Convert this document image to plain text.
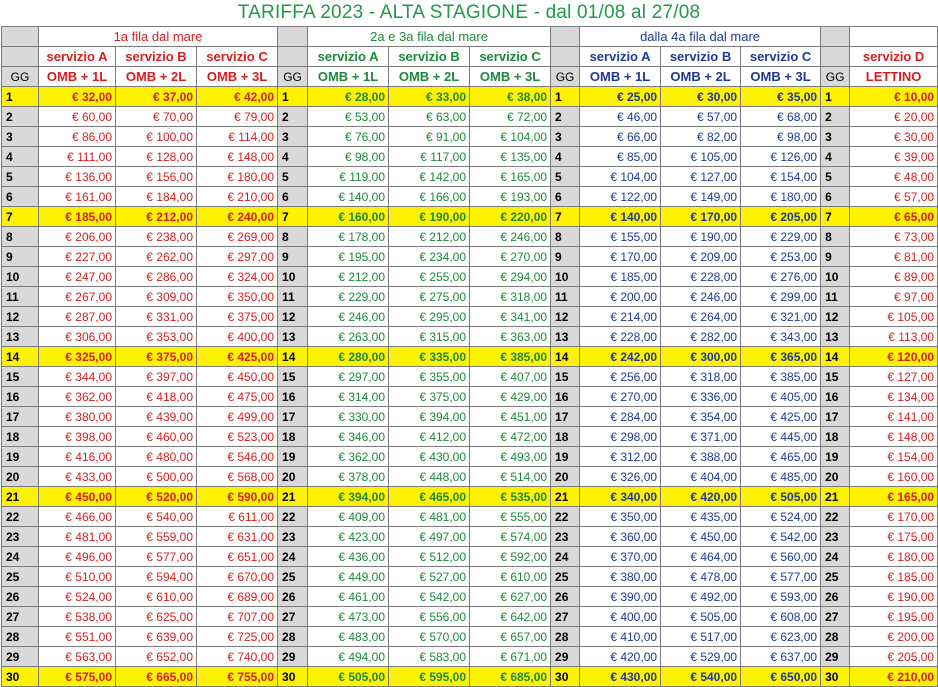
TARIFFA 2023 - ALTA STAGIONE - dal 01/08 al 27/08
	1a fila dal mare				2a e 3a fila dal mare				dalla 4a fila dal mare				
	servizio A	servizio B	servizio C		servizio A	servizio B	servizio C		servizio A	servizio B	servizio C		servizio D
GG	OMB + 1L	OMB + 2L	OMB + 3L	GG	OMB + 1L	OMB + 2L	OMB + 3L	GG	OMB + 1L	OMB + 2L	OMB + 3L	GG	LETTINO
1	€ 32,00	€ 37,00	€ 42,00	1	€ 28,00	€ 33,00	€ 38,00	1	€ 25,00	€ 30,00	€ 35,00	1	€ 10,00
2	€ 60,00	€ 70,00	€ 79,00	2	€ 53,00	€ 63,00	€ 72,00	2	€ 46,00	€ 57,00	€ 68,00	2	€ 20,00
3	€ 86,00	€ 100,00	€ 114,00	3	€ 76,00	€ 91,00	€ 104,00	3	€ 66,00	€ 82,00	€ 98,00	3	€ 30,00
4	€ 111,00	€ 128,00	€ 148,00	4	€ 98,00	€ 117,00	€ 135,00	4	€ 85,00	€ 105,00	€ 126,00	4	€ 39,00
5	€ 136,00	€ 156,00	€ 180,00	5	€ 119,00	€ 142,00	€ 165,00	5	€ 104,00	€ 127,00	€ 154,00	5	€ 48,00
6	€ 161,00	€ 184,00	€ 210,00	6	€ 140,00	€ 166,00	€ 193,00	6	€ 122,00	€ 149,00	€ 180,00	6	€ 57,00
7	€ 185,00	€ 212,00	€ 240,00	7	€ 160,00	€ 190,00	€ 220,00	7	€ 140,00	€ 170,00	€ 205,00	7	€ 65,00
8	€ 206,00	€ 238,00	€ 269,00	8	€ 178,00	€ 212,00	€ 246,00	8	€ 155,00	€ 190,00	€ 229,00	8	€ 73,00
9	€ 227,00	€ 262,00	€ 297,00	9	€ 195,00	€ 234,00	€ 270,00	9	€ 170,00	€ 209,00	€ 253,00	9	€ 81,00
10	€ 247,00	€ 286,00	€ 324,00	10	€ 212,00	€ 255,00	€ 294,00	10	€ 185,00	€ 228,00	€ 276,00	10	€ 89,00
11	€ 267,00	€ 309,00	€ 350,00	11	€ 229,00	€ 275,00	€ 318,00	11	€ 200,00	€ 246,00	€ 299,00	11	€ 97,00
12	€ 287,00	€ 331,00	€ 375,00	12	€ 246,00	€ 295,00	€ 341,00	12	€ 214,00	€ 264,00	€ 321,00	12	€ 105,00
13	€ 306,00	€ 353,00	€ 400,00	13	€ 263,00	€ 315,00	€ 363,00	13	€ 228,00	€ 282,00	€ 343,00	13	€ 113,00
14	€ 325,00	€ 375,00	€ 425,00	14	€ 280,00	€ 335,00	€ 385,00	14	€ 242,00	€ 300,00	€ 365,00	14	€ 120,00
15	€ 344,00	€ 397,00	€ 450,00	15	€ 297,00	€ 355,00	€ 407,00	15	€ 256,00	€ 318,00	€ 385,00	15	€ 127,00
16	€ 362,00	€ 418,00	€ 475,00	16	€ 314,00	€ 375,00	€ 429,00	16	€ 270,00	€ 336,00	€ 405,00	16	€ 134,00
17	€ 380,00	€ 439,00	€ 499,00	17	€ 330,00	€ 394,00	€ 451,00	17	€ 284,00	€ 354,00	€ 425,00	17	€ 141,00
18	€ 398,00	€ 460,00	€ 523,00	18	€ 346,00	€ 412,00	€ 472,00	18	€ 298,00	€ 371,00	€ 445,00	18	€ 148,00
19	€ 416,00	€ 480,00	€ 546,00	19	€ 362,00	€ 430,00	€ 493,00	19	€ 312,00	€ 388,00	€ 465,00	19	€ 154,00
20	€ 433,00	€ 500,00	€ 568,00	20	€ 378,00	€ 448,00	€ 514,00	20	€ 326,00	€ 404,00	€ 485,00	20	€ 160,00
21	€ 450,00	€ 520,00	€ 590,00	21	€ 394,00	€ 465,00	€ 535,00	21	€ 340,00	€ 420,00	€ 505,00	21	€ 165,00
22	€ 466,00	€ 540,00	€ 611,00	22	€ 409,00	€ 481,00	€ 555,00	22	€ 350,00	€ 435,00	€ 524,00	22	€ 170,00
23	€ 481,00	€ 559,00	€ 631,00	23	€ 423,00	€ 497,00	€ 574,00	23	€ 360,00	€ 450,00	€ 542,00	23	€ 175,00
24	€ 496,00	€ 577,00	€ 651,00	24	€ 436,00	€ 512,00	€ 592,00	24	€ 370,00	€ 464,00	€ 560,00	24	€ 180,00
25	€ 510,00	€ 594,00	€ 670,00	25	€ 449,00	€ 527,00	€ 610,00	25	€ 380,00	€ 478,00	€ 577,00	25	€ 185,00
26	€ 524,00	€ 610,00	€ 689,00	26	€ 461,00	€ 542,00	€ 627,00	26	€ 390,00	€ 492,00	€ 593,00	26	€ 190,00
27	€ 538,00	€ 625,00	€ 707,00	27	€ 473,00	€ 556,00	€ 642,00	27	€ 400,00	€ 505,00	€ 608,00	27	€ 195,00
28	€ 551,00	€ 639,00	€ 725,00	28	€ 483,00	€ 570,00	€ 657,00	28	€ 410,00	€ 517,00	€ 623,00	28	€ 200,00
29	€ 563,00	€ 652,00	€ 740,00	29	€ 494,00	€ 583,00	€ 671,00	29	€ 420,00	€ 529,00	€ 637,00	29	€ 205,00
30	€ 575,00	€ 665,00	€ 755,00	30	€ 505,00	€ 595,00	€ 685,00	30	€ 430,00	€ 540,00	€ 650,00	30	€ 210,00
